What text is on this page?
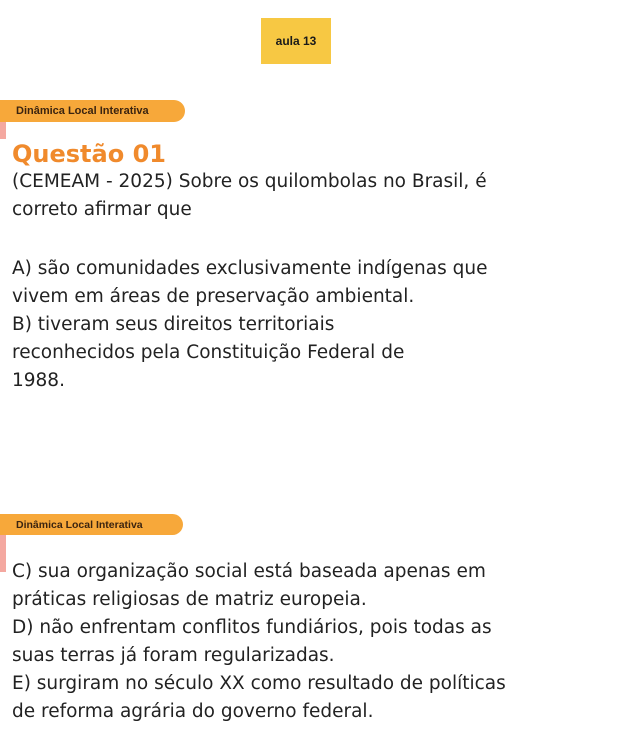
aula 13
Dinâmica Local Interativa
Questão 01
(CEMEAM - 2025) Sobre os quilombolas no Brasil, é
correto afirmar que
A) são comunidades exclusivamente indígenas que
vivem em áreas de preservação ambiental.
B) tiveram seus direitos territoriais
reconhecidos pela Constituição Federal de
1988.
Dinâmica Local Interativa
C) sua organização social está baseada apenas em
práticas religiosas de matriz europeia.
D) não enfrentam conflitos fundiários, pois todas as
suas terras já foram regularizadas.
E) surgiram no século XX como resultado de políticas
de reforma agrária do governo federal.
